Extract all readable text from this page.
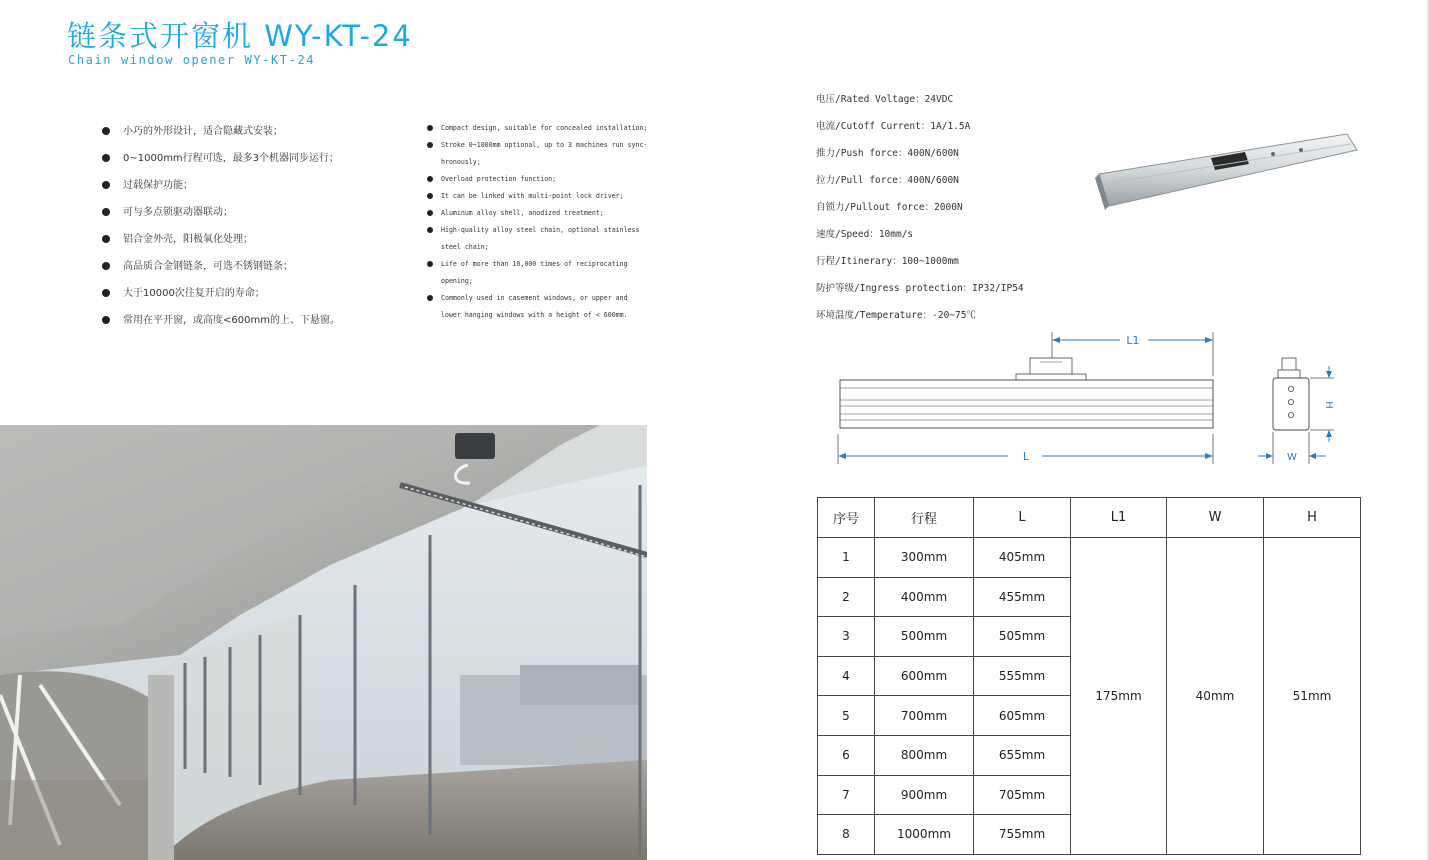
链条式开窗机 WY-KT-24
Chain window opener WY-KT-24
小巧的外形设计，适合隐藏式安装；
0~1000mm行程可选，最多3个机器同步运行；
过载保护功能；
可与多点锁驱动器联动；
铝合金外壳，阳极氧化处理；
高品质合金钢链条，可选不锈钢链条；
大于10000次往复开启的寿命；
常用在平开窗，或高度<600mm的上、下悬窗。
Compact design, suitable for concealed installation;
Stroke 0~1000mm optional, up to 3 machines run sync-hronously;
Overload protection function;
It can be linked with multi-point lock driver;
Aluminum alloy shell, anodized treatment;
High-quality alloy steel chain, optional stainless steel chain;
Life of more than 10,000 times of reciprocating opening;
Commonly used in casement windows, or upper and lower hanging windows with a height of < 600mm.
电压/Rated Voltage：24VDC
电流/Cutoff Current：1A/1.5A
推力/Push force：400N/600N
拉力/Pull force：400N/600N
自锁力/Pullout force：2000N
速度/Speed：10mm/s
行程/Itinerary：100~1000mm
防护等级/Ingress protection：IP32/IP54
环境温度/Temperature：-20~75℃
L1
L
H
W
序号	行程	L	L1	W	H
1	300mm	405mm	175mm	40mm	51mm
2	400mm	455mm			
3	500mm	505mm			
4	600mm	555mm			
5	700mm	605mm			
6	800mm	655mm			
7	900mm	705mm			
8	1000mm	755mm			
